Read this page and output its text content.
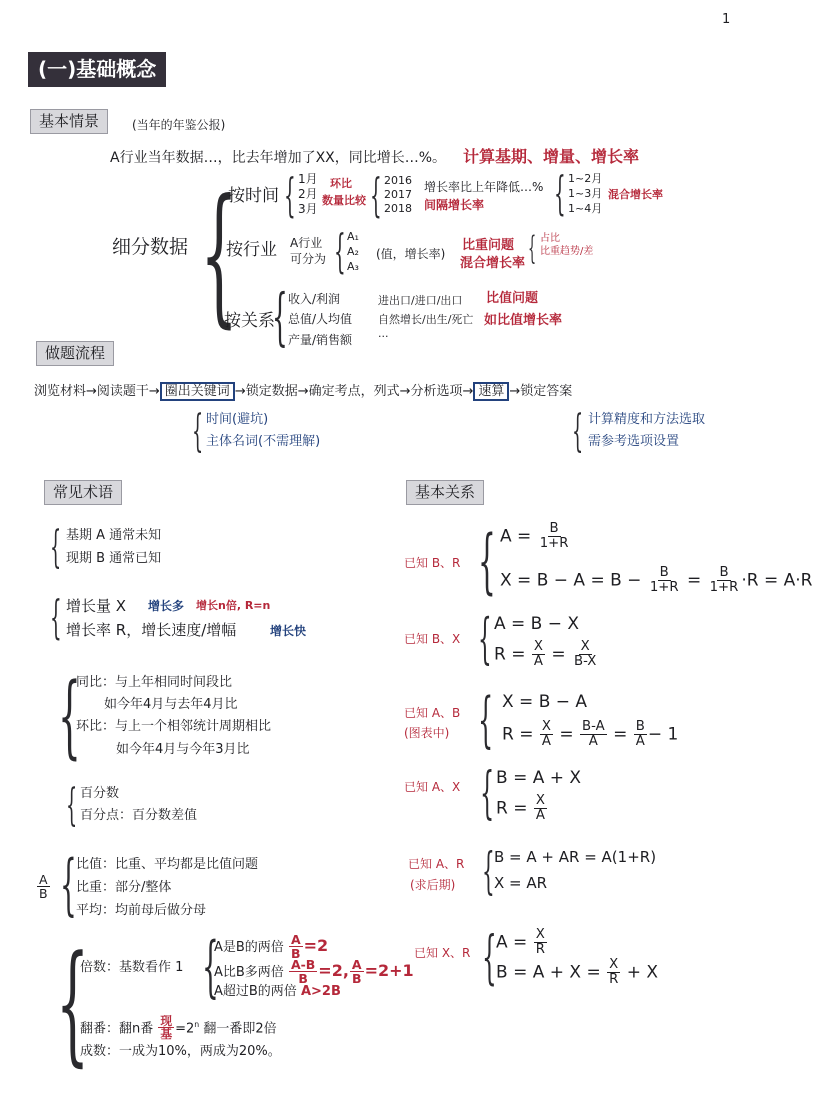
1
(一)基础概念
基本情景	(当年的年鉴公报)
A行业当年数据…，比去年增加了XX，同比增长…%。 计算基期、增量、增长率
细分数据 {
按时间 { 1月
2月
3月
环比
数量比较 { 2016
2017
2018
增长率比上年降低…%
间隔增长率 { 1~2月
1~3月
1~4月
混合增长率
按行业 A行业
可分为 { A₁
A₂
A₃
(值，增长率)
比重问题
混合增长率 { 占比
比重趋势/差
按关系
{ 收入/利润
总值/人均值
产量/销售额
进出口/进口/出口
自然增长/出生/死亡
···
比值问题
如比值增长率
做题流程
浏览材料→阅读题干→ 圈出关键词 →锁定数据→确定考点，列式→分析选项→ 速算 →锁定答案
{ 时间(避坑)
主体名词(不需理解)	{ 计算精度和方法选取
需参考选项设置
常见术语
{ 基期 A 通常未知
现期 B 通常已知
{ 增长量 X 增长多 增长n倍, R=n
增长率 R，增长速度/增幅	增长快
{
同比：与上年相同时间段比
如今年4月与去年4月比
环比：与上一个相邻统计周期相比
如今年4月与今年3月比
{ 百分数
百分点：百分数差值
$\frac{A}{B}$ { 比值：比重、平均都是比值问题
比重：部分/整体
平均：均前母后做分母
{
倍数：基数看作 1 {
A是B的两倍 $\frac{A}{B} =2$
A比B多两倍 $\frac{A-B}{B} =2$, $\frac{A}{B} =2+1$
A超过B的两倍 A>2B
翻番：翻n番 $\frac{\text{现}}{\text{基}} =2^n$ 翻一番即2倍
成数：一成为10%，两成为20%。
基本关系
已知 B、R { $A = \frac{B}{1+R}$
$X = B - A = B - \frac{B}{1+R} = \frac{B}{1+R} \cdot R = A\cdot R$
已知 B、X { A = B − X
$R = \frac{X}{A} = \frac{X}{B-X}$
已知 A、B
(图表中) { X = B − A
$R = \frac{X}{A} = \frac{B-A}{A} = \frac{B}{A} - 1$
已知 A、X { B = A + X
$R = \frac{X}{A}$
已知 A、R
(求后期) { B = A + AR = A(1+R)
X = AR
已知 X、R { $A = \frac{X}{R}$
$B = A + X = \frac{X}{R} + X$
